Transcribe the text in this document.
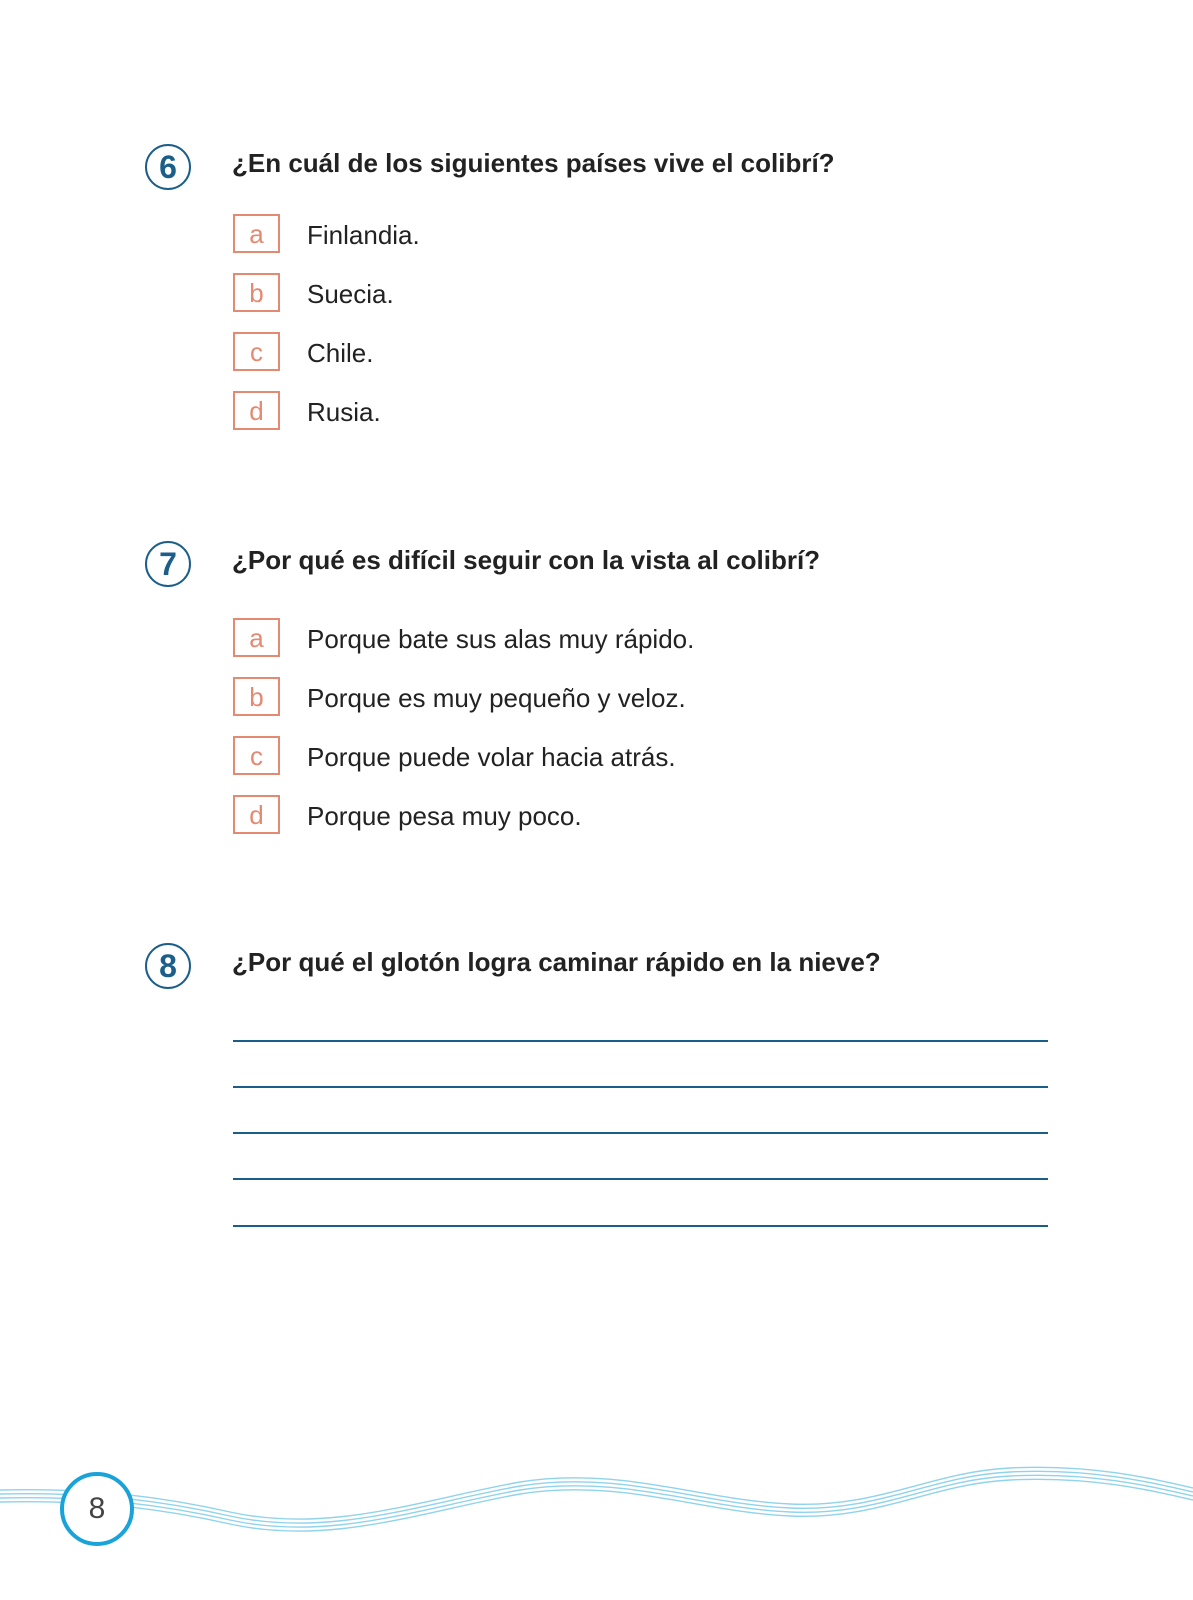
6	¿En cuál de los siguientes países vive el colibrí?
a	Finlandia.
b	Suecia.
c	Chile.
d	Rusia.
7	¿Por qué es difícil seguir con la vista al colibrí?
a	Porque bate sus alas muy rápido.
b	Porque es muy pequeño y veloz.
c	Porque puede volar hacia atrás.
d	Porque pesa muy poco.
8	¿Por qué el glotón logra caminar rápido en la nieve?
8
